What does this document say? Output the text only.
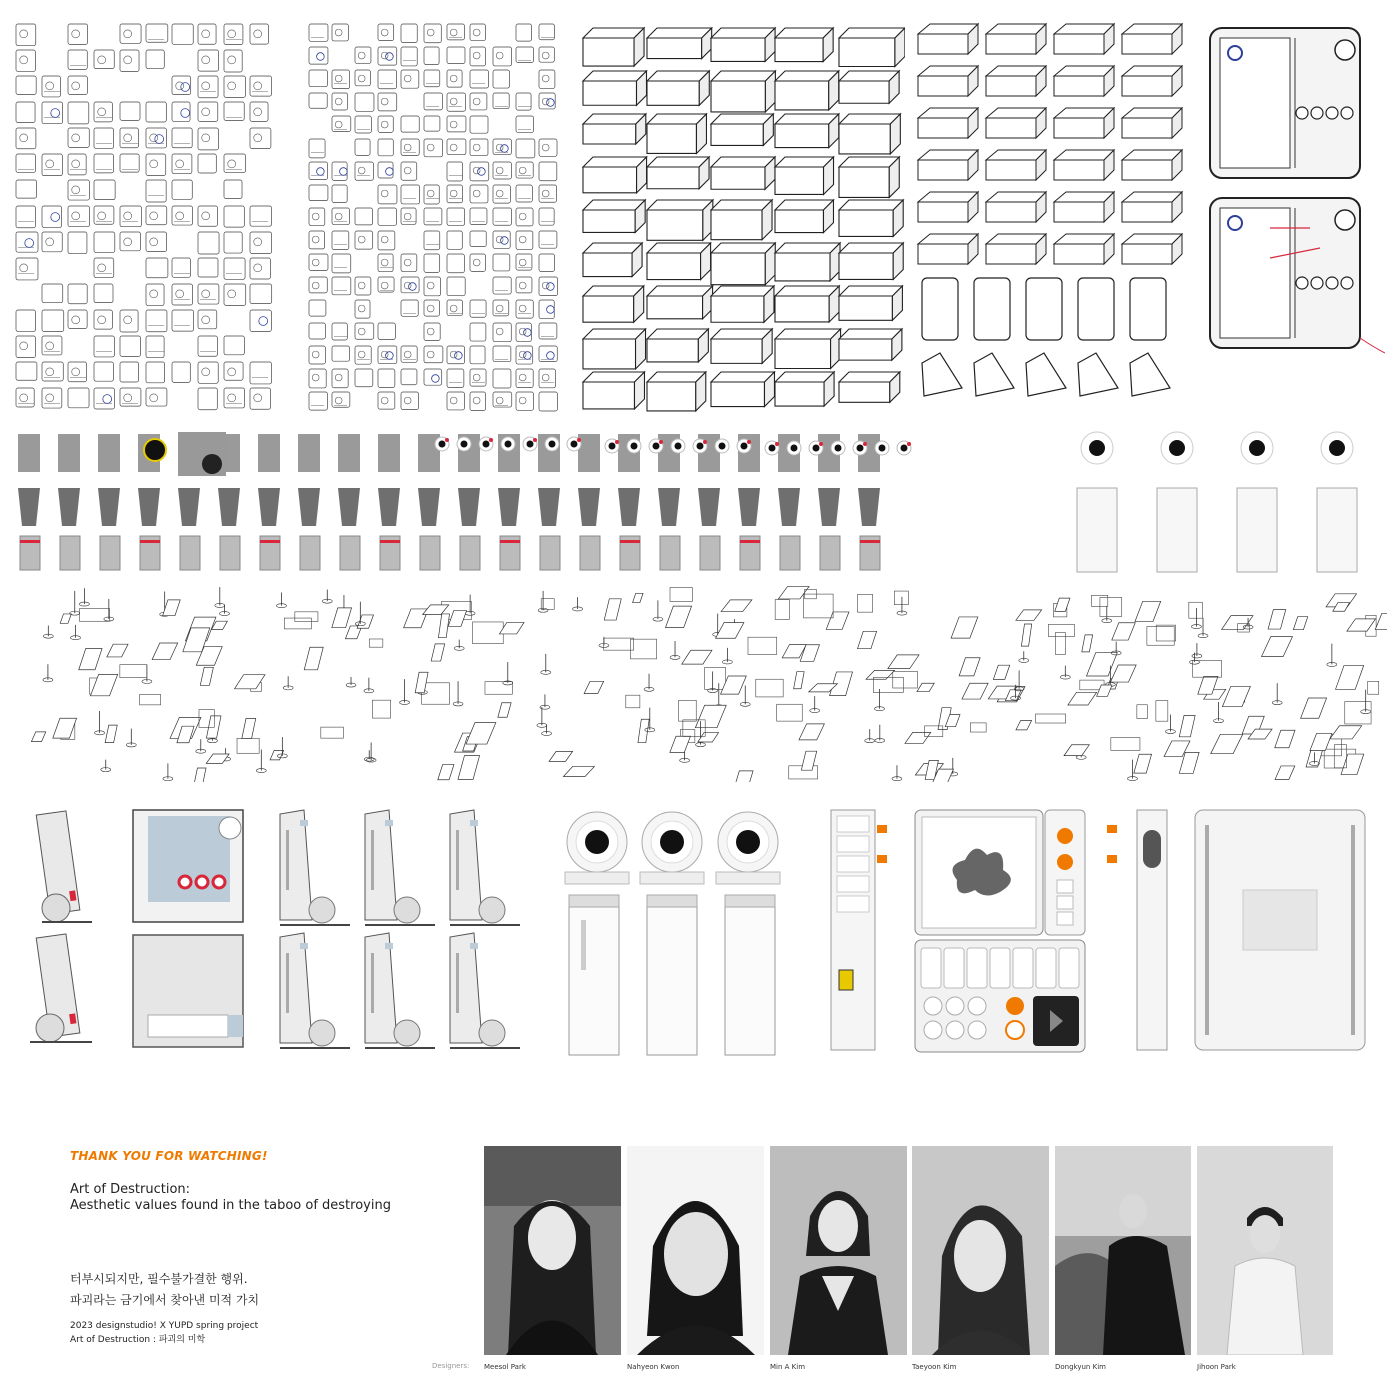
THANK YOU FOR WATCHING!
Art of Destruction:
Aesthetic values found in the taboo of destroying
터부시되지만, 필수불가결한 행위.
파괴라는 금기에서 찾아낸 미적 가치
2023 designstudio! X YUPD spring project
Art of Destruction : 파괴의 미학
Designers: Meesol Park	Nahyeon Kwon	Min A Kim	Taeyoon Kim	Dongkyun Kim	Jihoon Park
